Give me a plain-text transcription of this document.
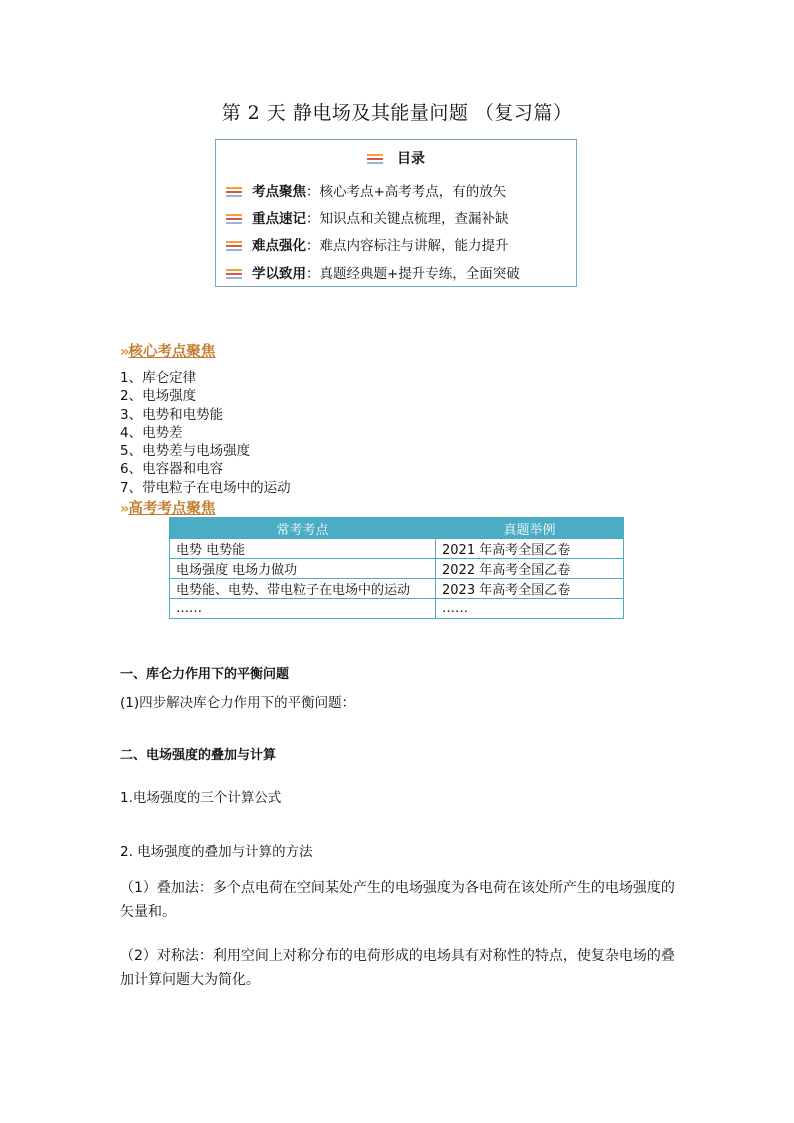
第 2 天 静电场及其能量问题 （复习篇）
目录
考点聚焦：核心考点+高考考点，有的放矢
重点速记：知识点和关键点梳理，查漏补缺
难点强化：难点内容标注与讲解，能力提升
学以致用：真题经典题+提升专练，全面突破
» 核心考点聚焦
1、库仑定律
2、电场强度
3、电势和电势能
4、电势差
5、电势差与电场强度
6、电容器和电容
7、带电粒子在电场中的运动
» 高考考点聚焦
常考考点	真题举例
电势 电势能	2021 年高考全国乙卷
电场强度 电场力做功	2022 年高考全国乙卷
电势能、电势、带电粒子在电场中的运动	2023 年高考全国乙卷
……	……
一、库仑力作用下的平衡问题
(1)四步解决库仑力作用下的平衡问题：
二、电场强度的叠加与计算
1.电场强度的三个计算公式
2. 电场强度的叠加与计算的方法
（1）叠加法：多个点电荷在空间某处产生的电场强度为各电荷在该处所产生的电场强度的矢量和。
（2）对称法：利用空间上对称分布的电荷形成的电场具有对称性的特点，使复杂电场的叠加计算问题大为简化。
